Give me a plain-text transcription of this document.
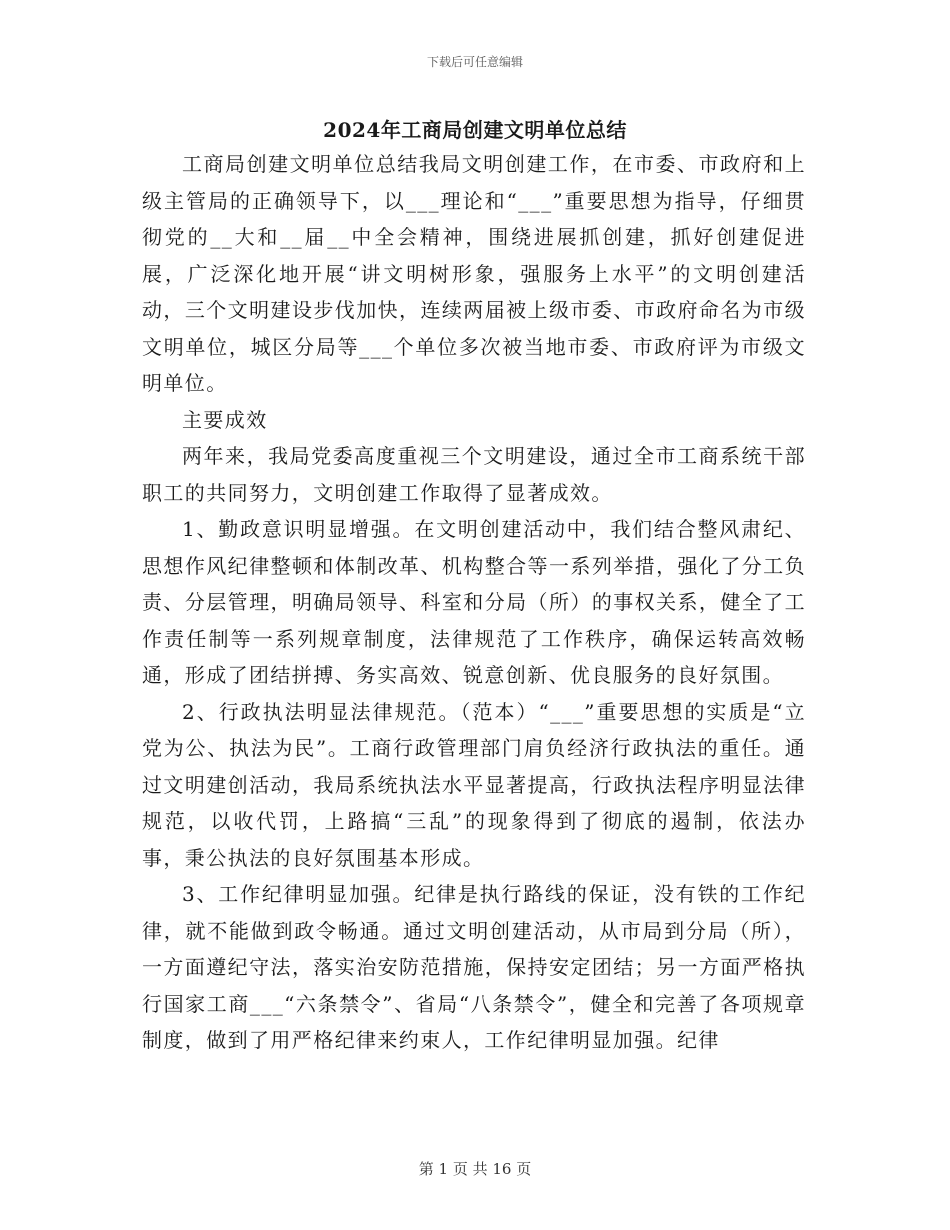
下载后可任意编辑
2024年工商局创建文明单位总结

工商局创建文明单位总结我局文明创建工作，在市委、市政府和上级主管局的正确领导下，以___理论和“___”重要思想为指导，仔细贯彻党的__大和__届__中全会精神，围绕进展抓创建，抓好创建促进展，广泛深化地开展“讲文明树形象，强服务上水平”的文明创建活动，三个文明建设步伐加快，连续两届被上级市委、市政府命名为市级文明单位，城区分局等___个单位多次被当地市委、市政府评为市级文明单位。

主要成效

两年来，我局党委高度重视三个文明建设，通过全市工商系统干部职工的共同努力，文明创建工作取得了显著成效。

1、勤政意识明显增强。在文明创建活动中，我们结合整风肃纪、思想作风纪律整顿和体制改革、机构整合等一系列举措，强化了分工负责、分层管理，明确局领导、科室和分局（所）的事权关系，健全了工作责任制等一系列规章制度，法律规范了工作秩序，确保运转高效畅通，形成了团结拼搏、务实高效、锐意创新、优良服务的良好氛围。

2、行政执法明显法律规范。（范本）“___”重要思想的实质是“立党为公、执法为民”。工商行政管理部门肩负经济行政执法的重任。通过文明建创活动，我局系统执法水平显著提高，行政执法程序明显法律规范，以收代罚，上路搞“三乱”的现象得到了彻底的遏制，依法办事，秉公执法的良好氛围基本形成。

3、工作纪律明显加强。纪律是执行路线的保证，没有铁的工作纪律，就不能做到政令畅通。通过文明创建活动，从市局到分局（所），一方面遵纪守法，落实治安防范措施，保持安定团结；另一方面严格执行国家工商___“六条禁令”、省局“八条禁令”，健全和完善了各项规章制度，做到了用严格纪律来约束人，工作纪律明显加强。纪律

第 1 页 共 16 页
